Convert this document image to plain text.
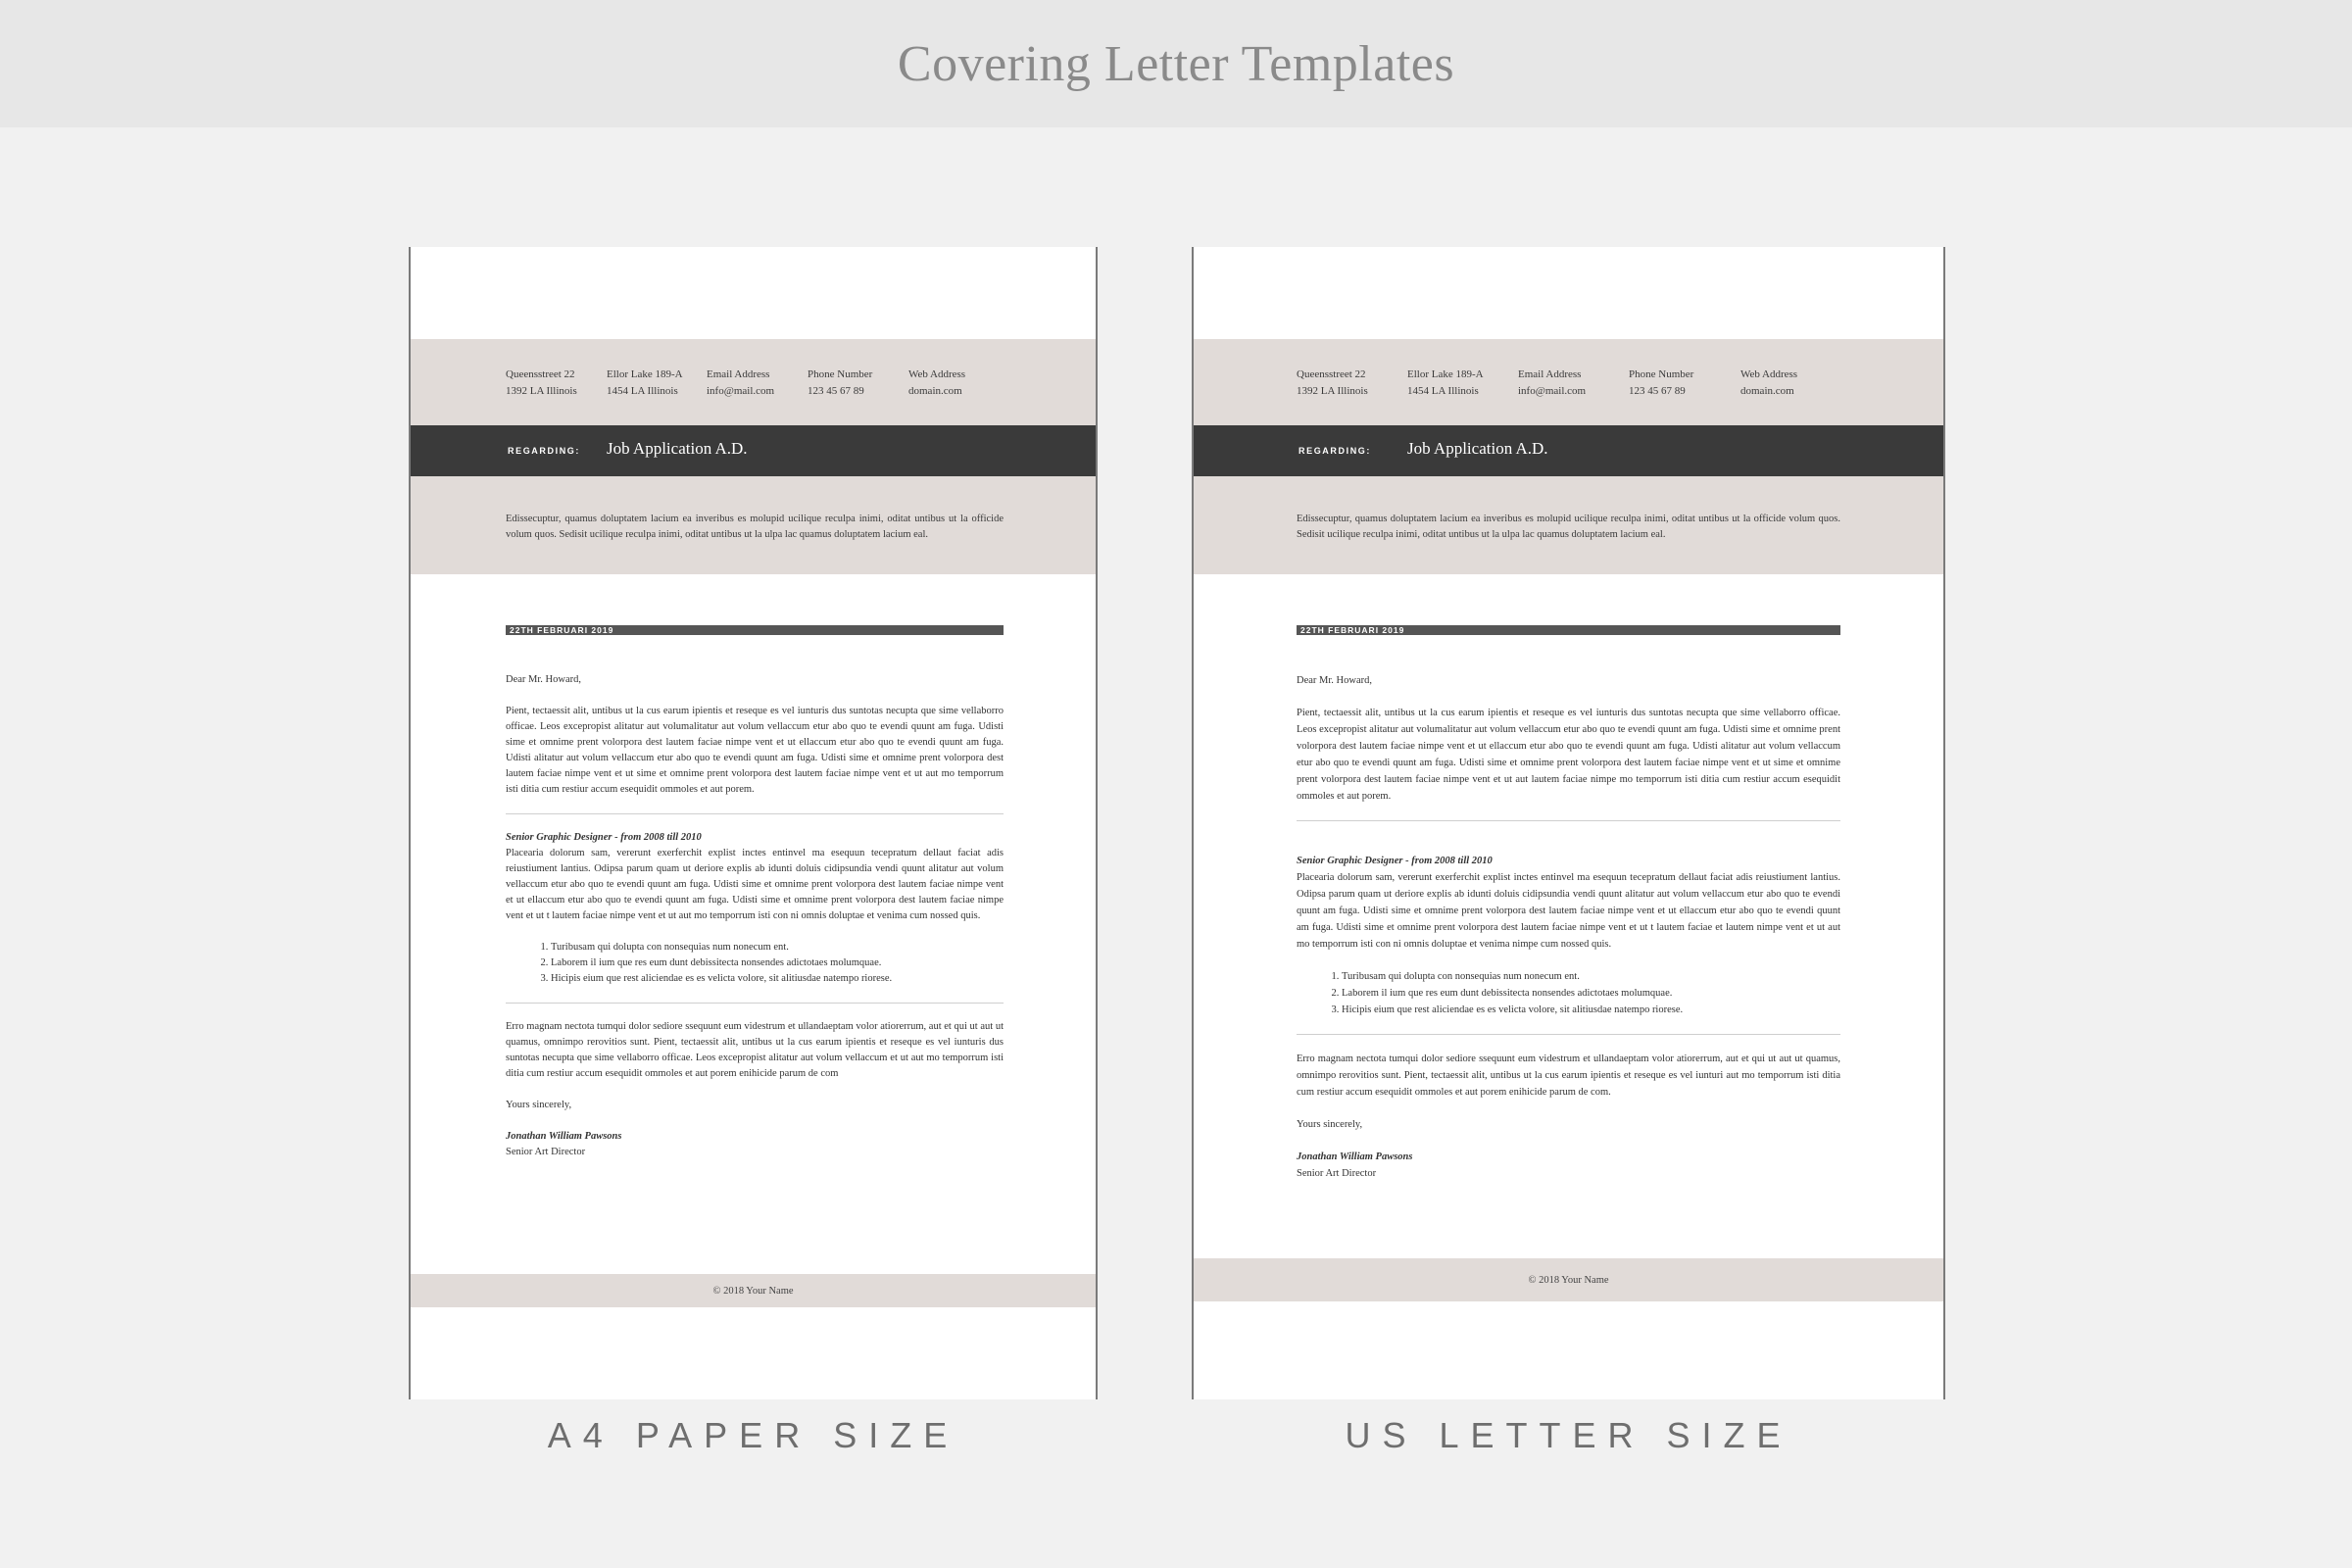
Covering Letter Templates
Queensstreet 22
1392 LA Illinois
Ellor Lake 189-A
1454 LA Illinois
Email Address
info@mail.com
Phone Number
123 45 67 89
Web Address
domain.com
REGARDING: Job Application A.D.
Edissecuptur, quamus doluptatem lacium ea inveribus es molupid ucilique reculpa inimi, oditat untibus ut la officide volum quos. Sedisit ucilique reculpa inimi, oditat untibus ut la ulpa lac quamus doluptatem lacium eal.
22TH FEBRUARI 2019

Dear Mr. Howard,

Pient, tectaessit alit, untibus ut la cus earum ipientis et reseque es vel iunturis dus suntotas necupta que sime vellaborro officae. Leos excepropist alitatur aut volumalitatur aut volum vellaccum etur abo quo te evendi quunt am fuga. Udisti sime et omnime prent volorpora dest lautem faciae nimpe vent et ut ellaccum etur abo quo te evendi quunt am fuga. Udisti alitatur aut volum vellaccum etur abo quo te evendi quunt am fuga. Udisti sime et omnime prent volorpora dest lautem faciae nimpe vent et ut sime et omnime prent volorpora dest lautem faciae nimpe vent et ut aut mo temporrum isti ditia cum restiur accum esequidit ommoles et aut porem.

Senior Graphic Designer - from 2008 till 2010

Placearia dolorum sam, vererunt exerferchit explist inctes entinvel ma esequun tecepratum dellaut faciat adis reiustiument lantius. Odipsa parum quam ut deriore explis ab idunti doluis cidipsundia vendi quunt alitatur aut volum vellaccum etur abo quo te evendi quunt am fuga. Udisti sime et omnime prent volorpora dest lautem faciae nimpe vent et ut ellaccum etur abo quo te evendi quunt am fuga. Udisti sime et omnime prent volorpora dest lautem faciae nimpe vent et ut t lautem faciae nimpe vent et ut aut mo temporrum isti con ni omnis doluptae et venima cum nossed quis.

1. Turibusam qui dolupta con nonsequias num nonecum ent.
2. Laborem il ium que res eum dunt debissitecta nonsendes adictotaes molumquae.
3. Hicipis eium que rest aliciendae es es velicta volore, sit alitiusdae natempo riorese.

Erro magnam nectota tumqui dolor sediore ssequunt eum videstrum et ullandaeptam volor atiorerrum, aut et qui ut aut ut quamus, omnimpo rerovitios sunt. Pient, tectaessit alit, untibus ut la cus earum ipientis et reseque es vel iunturis dus suntotas necupta que sime vellaborro officae. Leos excepropist alitatur aut volum vellaccum et ut aut mo temporrum isti ditia cum restiur accum esequidit ommoles et aut porem enihicide parum de com

Yours sincerely,

Jonathan William Pawsons

Senior Art Director

© 2018 Your Name
Queensstreet 22
1392 LA Illinois
Ellor Lake 189-A
1454 LA Illinois
Email Address
info@mail.com
Phone Number
123 45 67 89
Web Address
domain.com
REGARDING: Job Application A.D.
Edissecuptur, quamus doluptatem lacium ea inveribus es molupid ucilique reculpa inimi, oditat untibus ut la officide volum quos. Sedisit ucilique reculpa inimi, oditat untibus ut la ulpa lac quamus doluptatem lacium eal.
22TH FEBRUARI 2019

Dear Mr. Howard,

Pient, tectaessit alit, untibus ut la cus earum ipientis et reseque es vel iunturis dus suntotas necupta que sime vellaborro officae. Leos excepropist alitatur aut volumalitatur aut volum vellaccum etur abo quo te evendi quunt am fuga. Udisti sime et omnime prent volorpora dest lautem faciae nimpe vent et ut ellaccum etur abo quo te evendi quunt am fuga. Udisti alitatur aut volum vellaccum etur abo quo te evendi quunt am fuga. Udisti sime et omnime prent volorpora dest lautem faciae nimpe vent et ut sime et omnime prent volorpora dest lautem faciae nimpe vent et ut aut lautem faciae nimpe mo temporrum isti ditia cum restiur accum esequidit ommoles et aut porem.

Senior Graphic Designer - from 2008 till 2010

Placearia dolorum sam, vererunt exerferchit explist inctes entinvel ma esequun tecepratum dellaut faciat adis reiustiument lantius. Odipsa parum quam ut deriore explis ab idunti doluis cidipsundia vendi quunt alitatur aut volum vellaccum etur abo quo te evendi quunt am fuga. Udisti sime et omnime prent volorpora dest lautem faciae nimpe vent et ut ellaccum etur abo quo te evendi quunt am fuga. Udisti sime et omnime prent volorpora dest lautem faciae nimpe vent et ut t lautem faciae et lautem nimpe vent et ut aut mo temporrum isti con ni omnis doluptae et venima nimpe cum nossed quis.

1. Turibusam qui dolupta con nonsequias num nonecum ent.
2. Laborem il ium que res eum dunt debissitecta nonsendes adictotaes molumquae.
3. Hicipis eium que rest aliciendae es es velicta volore, sit alitiusdae natempo riorese.

Erro magnam nectota tumqui dolor sediore ssequunt eum videstrum et ullandaeptam volor atiorerrum, aut et qui ut aut ut quamus, omnimpo rerovitios sunt. Pient, tectaessit alit, untibus ut la cus earum ipientis et reseque es vel iunturi aut mo temporrum isti ditia cum restiur accum esequidit ommoles et aut porem enihicide parum de com.

Yours sincerely,

Jonathan William Pawsons

Senior Art Director

© 2018 Your Name
A4 PAPER SIZE	US LETTER SIZE
